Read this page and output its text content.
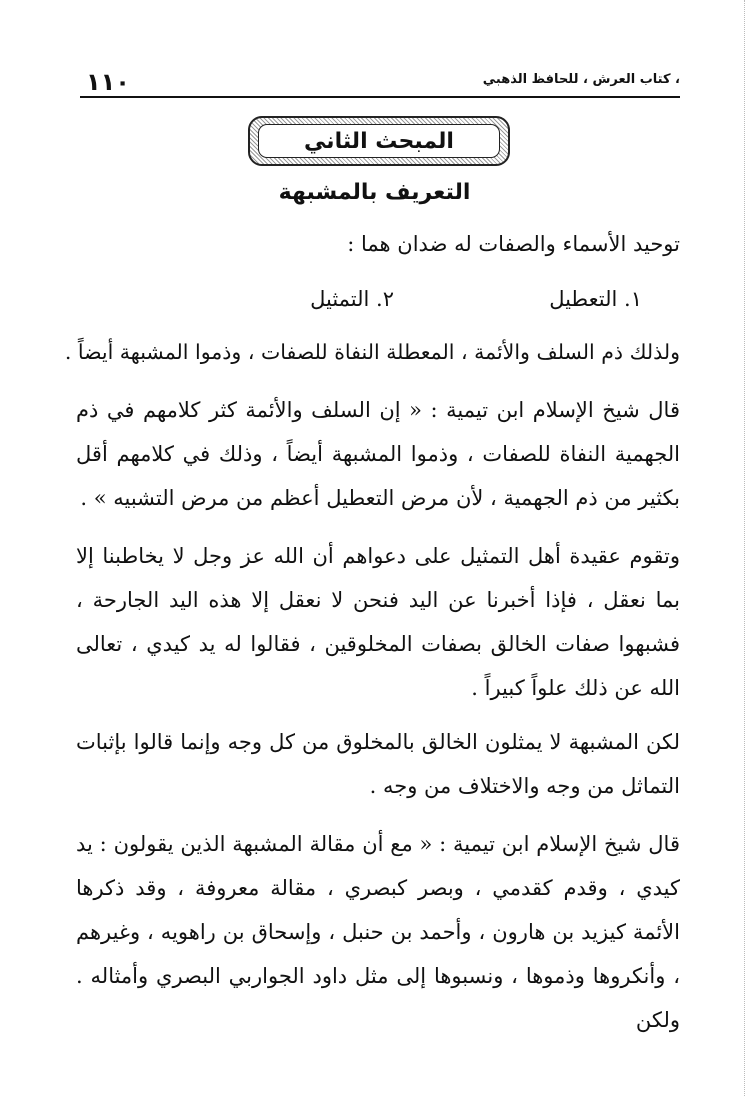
١١٠	، كتاب العرش ، للحافظ الذهبي
المبحث الثاني
التعريف بالمشبهة
توحيد الأسماء والصفات له ضدان هما :
١. التعطيل
٢. التمثيل
ولذلك ذم السلف والأئمة ، المعطلة النفاة للصفات ، وذموا المشبهة أيضاً .
قال شيخ الإسلام ابن تيمية : « إن السلف والأئمة كثر كلامهم في ذم الجهمية النفاة للصفات ، وذموا المشبهة أيضاً ، وذلك في كلامهم أقل بكثير من ذم الجهمية ، لأن مرض التعطيل أعظم من مرض التشبيه » .
وتقوم عقيدة أهل التمثيل على دعواهم أن الله عز وجل لا يخاطبنا إلا بما نعقل ، فإذا أخبرنا عن اليد فنحن لا نعقل إلا هذه اليد الجارحة ، فشبهوا صفات الخالق بصفات المخلوقين ، فقالوا له يد كيدي ، تعالى الله عن ذلك علواً كبيراً .
لكن المشبهة لا يمثلون الخالق بالمخلوق من كل وجه وإنما قالوا بإثبات التماثل من وجه والاختلاف من وجه .
قال شيخ الإسلام ابن تيمية : « مع أن مقالة المشبهة الذين يقولون : يد كيدي ، وقدم كقدمي ، وبصر كبصري ، مقالة معروفة ، وقد ذكرها الأئمة كيزيد بن هارون ، وأحمد بن حنبل ، وإسحاق بن راهويه ، وغيرهم ، وأنكروها وذموها ، ونسبوها إلى مثل داود الجواربي البصري وأمثاله . ولكن
